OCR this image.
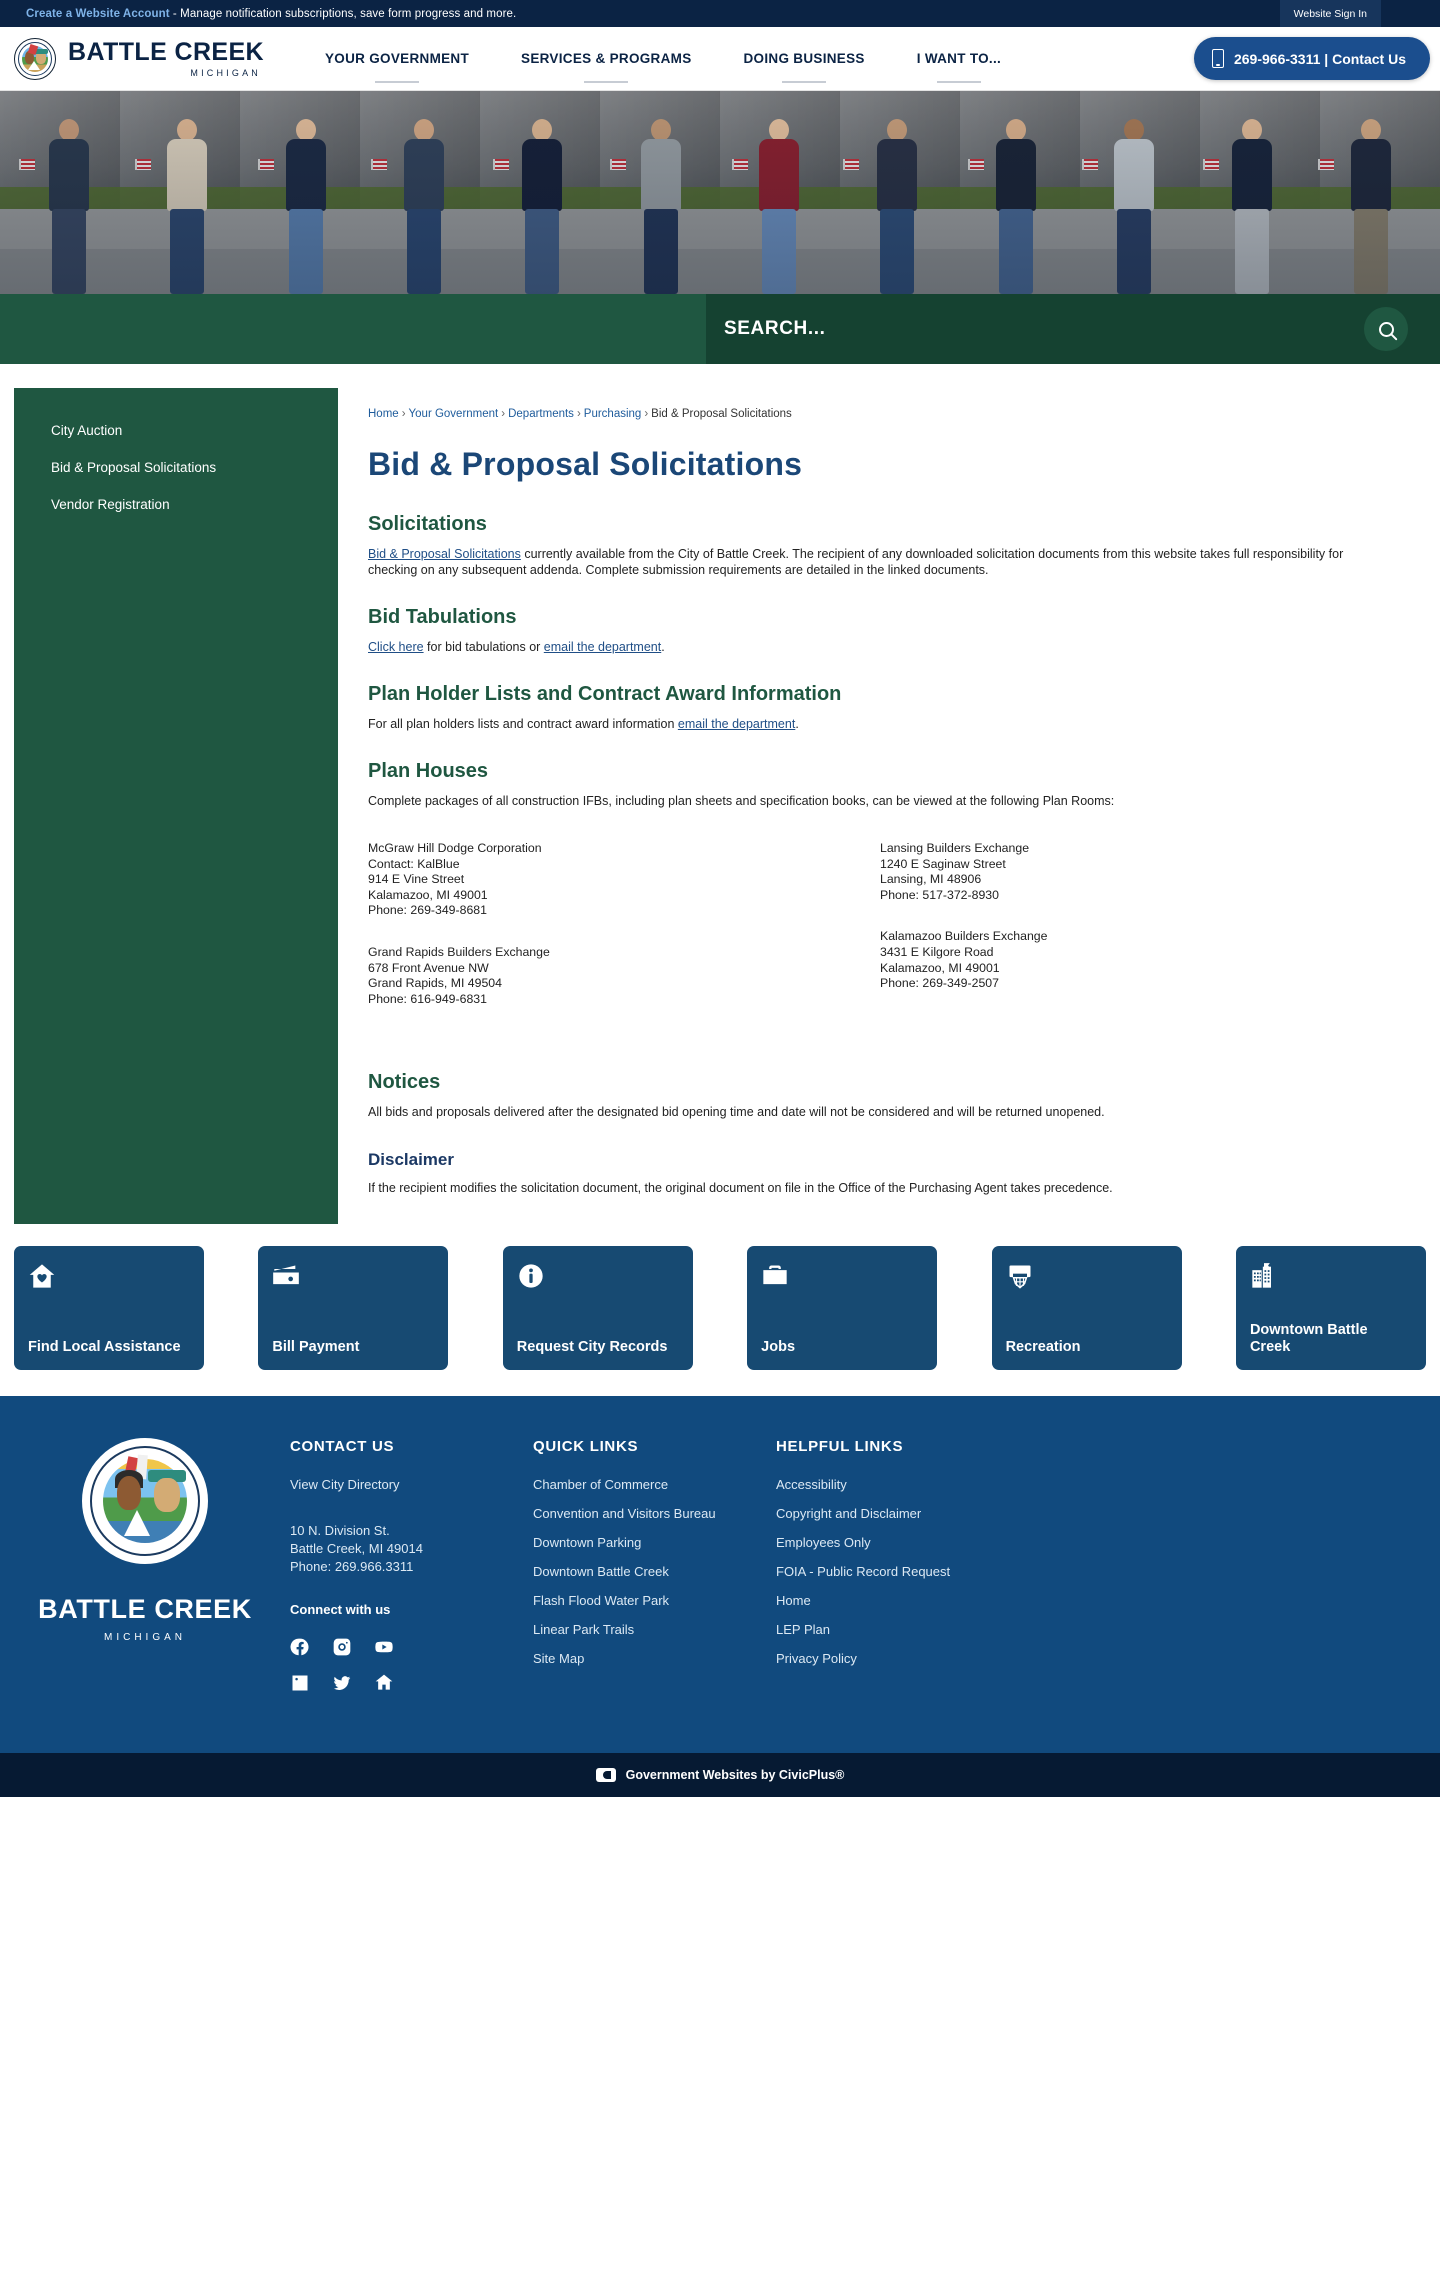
Create a Website Account - Manage notification subscriptions, save form progress and more.	Website Sign In
BATTLE CREEK
MICHIGAN
YOUR GOVERNMENT	SERVICES & PROGRAMS	DOING BUSINESS	I WANT TO...	269-966-3311 | Contact Us
SEARCH...
City Auction
Bid & Proposal Solicitations
Vendor Registration
Home › Your Government › Departments › Purchasing › Bid & Proposal Solicitations
Bid & Proposal Solicitations
Solicitations

Bid & Proposal Solicitations currently available from the City of Battle Creek. The recipient of any downloaded solicitation documents from this website takes full responsibility for checking on any subsequent addenda. Complete submission requirements are detailed in the linked documents.

Bid Tabulations

Click here for bid tabulations or email the department.

Plan Holder Lists and Contract Award Information

For all plan holders lists and contract award information email the department.

Plan Houses

Complete packages of all construction IFBs, including plan sheets and specification books, can be viewed at the following Plan Rooms:

McGraw Hill Dodge Corporation
Contact: KalBlue
914 E Vine Street
Kalamazoo, MI 49001
Phone: 269-349-8681
Grand Rapids Builders Exchange
678 Front Avenue NW
Grand Rapids, MI 49504
Phone: 616-949-6831
Lansing Builders Exchange
1240 E Saginaw Street
Lansing, MI 48906
Phone: 517-372-8930
Kalamazoo Builders Exchange
3431 E Kilgore Road
Kalamazoo, MI 49001
Phone: 269-349-2507
Notices

All bids and proposals delivered after the designated bid opening time and date will not be considered and will be returned unopened.

Disclaimer

If the recipient modifies the solicitation document, the original document on file in the Office of the Purchasing Agent takes precedence.

Find Local Assistance	Bill Payment	Request City Records	Jobs	Recreation
Downtown Battle Creek
BATTLE CREEK
MICHIGAN
CONTACT US
View City Directory
10 N. Division St.
Battle Creek, MI 49014
Phone: 269.966.3311
Connect with us
QUICK LINKS
Chamber of Commerce
Convention and Visitors Bureau
Downtown Parking
Downtown Battle Creek
Flash Flood Water Park
Linear Park Trails
Site Map
HELPFUL LINKS
Accessibility
Copyright and Disclaimer
Employees Only
FOIA - Public Record Request
Home
LEP Plan
Privacy Policy
Government Websites by CivicPlus®
